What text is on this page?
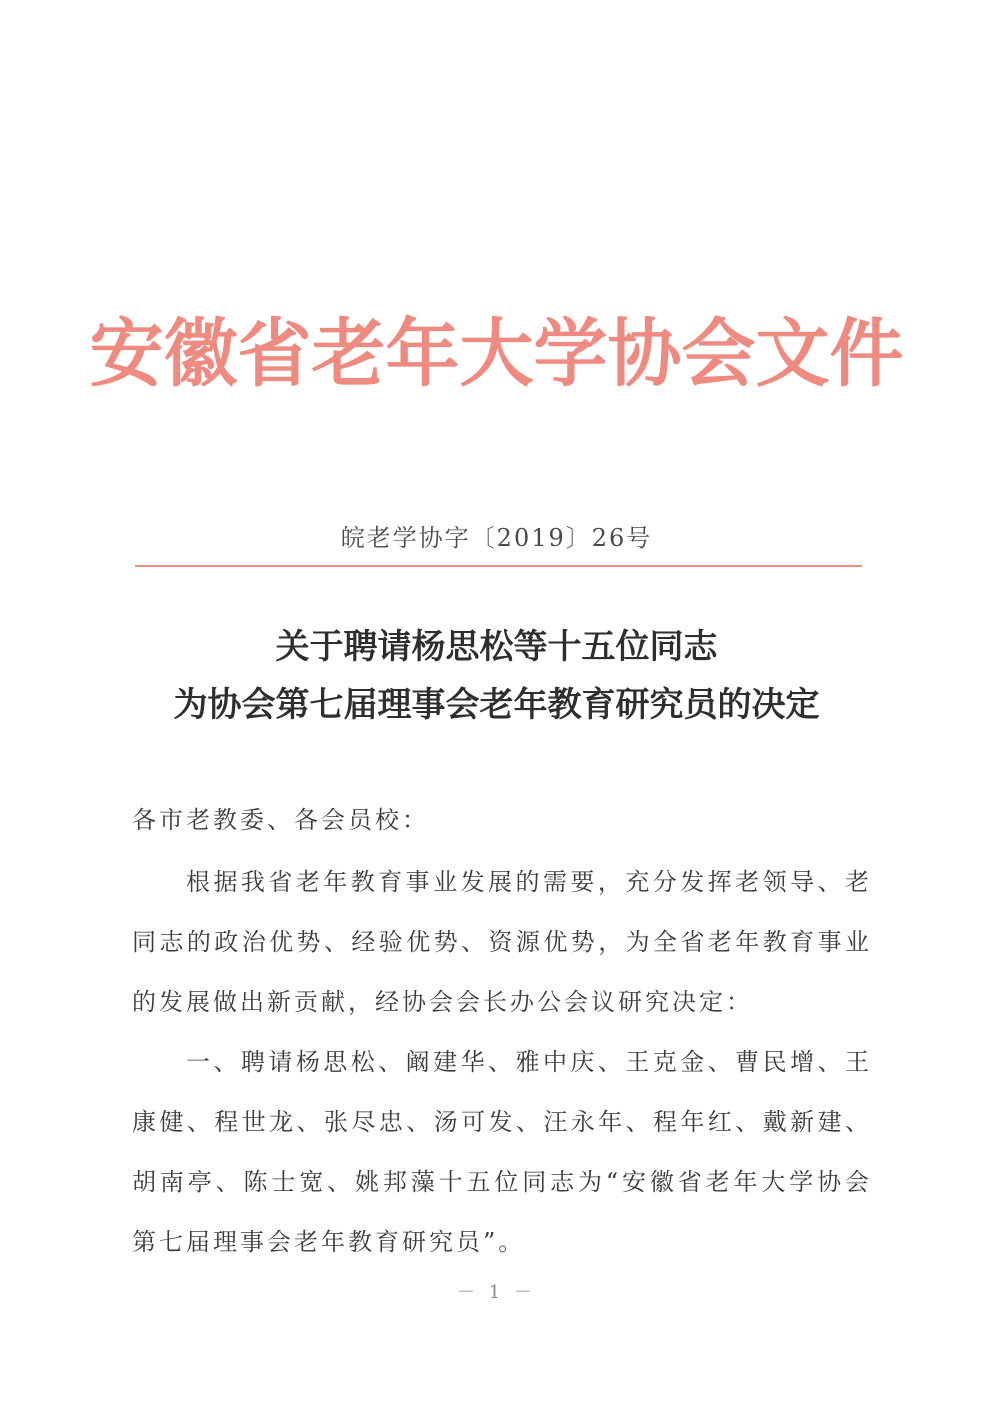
安徽省老年大学协会文件
皖老学协字〔2019〕26号
关于聘请杨思松等十五位同志
为协会第七届理事会老年教育研究员的决定
各市老教委、各会员校：
根据我省老年教育事业发展的需要，充分发挥老领导、老同志的政治优势、经验优势、资源优势，为全省老年教育事业的发展做出新贡献，经协会会长办公会议研究决定：
一、聘请杨思松、阚建华、雅中庆、王克金、曹民增、王康健、程世龙、张尽忠、汤可发、汪永年、程年红、戴新建、胡南亭、陈士宽、姚邦藻十五位同志为“安徽省老年大学协会第七届理事会老年教育研究员”。
－ 1 －
